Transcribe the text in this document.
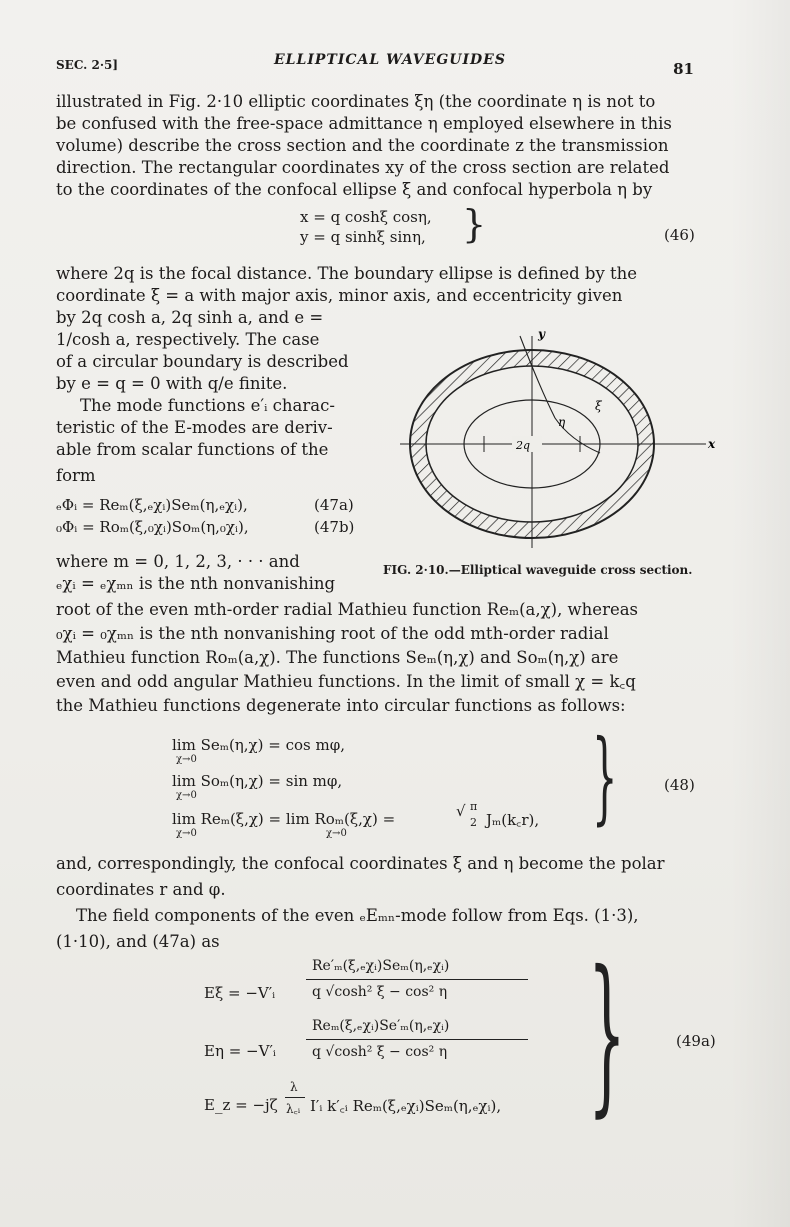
SEC. 2·5]	ELLIPTICAL WAVEGUIDES	81
illustrated in Fig. 2·10 elliptic coordinates ξη (the coordinate η is not to
be confused with the free-space admittance η employed elsewhere in this
volume) describe the cross section and the coordinate z the transmission
direction. The rectangular coordinates xy of the cross section are related
to the coordinates of the confocal ellipse ξ and confocal hyperbola η by
x = q coshξ cosη,
y = q sinhξ sinη, }	(46)
where 2q is the focal distance. The boundary ellipse is defined by the
coordinate ξ = a with major axis, minor axis, and eccentricity given
by 2q cosh a, 2q sinh a, and e =
1/cosh a, respectively. The case
of a circular boundary is described
by e = q = 0 with q/e finite.
The mode functions e′ᵢ charac-
teristic of the E-modes are deriv-
able from scalar functions of the
form
ₑΦᵢ = Reₘ(ξ,ₑχᵢ)Seₘ(η,ₑχᵢ),	(47a)
₀Φᵢ = Roₘ(ξ,₀χᵢ)Soₘ(η,₀χᵢ),	(47b)
2q
y
x
ξ
η
FIG. 2·10.—Elliptical waveguide cross section.
where m = 0, 1, 2, 3, · · · and
ₑχᵢ = ₑχₘₙ is the nth nonvanishing
root of the even mth-order radial Mathieu function Reₘ(a,χ), whereas
₀χᵢ = ₀χₘₙ is the nth nonvanishing root of the odd mth-order radial
Mathieu function Roₘ(a,χ). The functions Seₘ(η,χ) and Soₘ(η,χ) are
even and odd angular Mathieu functions. In the limit of small χ = k꜀q
the Mathieu functions degenerate into circular functions as follows:
lim Seₘ(η,χ) = cos mφ,
χ→0
lim Soₘ(η,χ) = sin mφ,
χ→0
lim Reₘ(ξ,χ) = lim Roₘ(ξ,χ) =
χ→0	χ→0
√ π
2 Jₘ(k꜀r), }	(48)
and, correspondingly, the confocal coordinates ξ and η become the polar
coordinates r and φ.
The field components of the even ₑEₘₙ-mode follow from Eqs. (1·3),
(1·10), and (47a) as
Eξ = −V′ᵢ
Re′ₘ(ξ,ₑχᵢ)Seₘ(η,ₑχᵢ)
q √cosh² ξ − cos² η
Eη = −V′ᵢ
Reₘ(ξ,ₑχᵢ)Se′ₘ(η,ₑχᵢ)
q √cosh² ξ − cos² η
E_z = −jζ
λ
λ꜀ᵢ I′ᵢ k′꜀ᵢ Reₘ(ξ,ₑχᵢ)Seₘ(η,ₑχᵢ), }	(49a)
